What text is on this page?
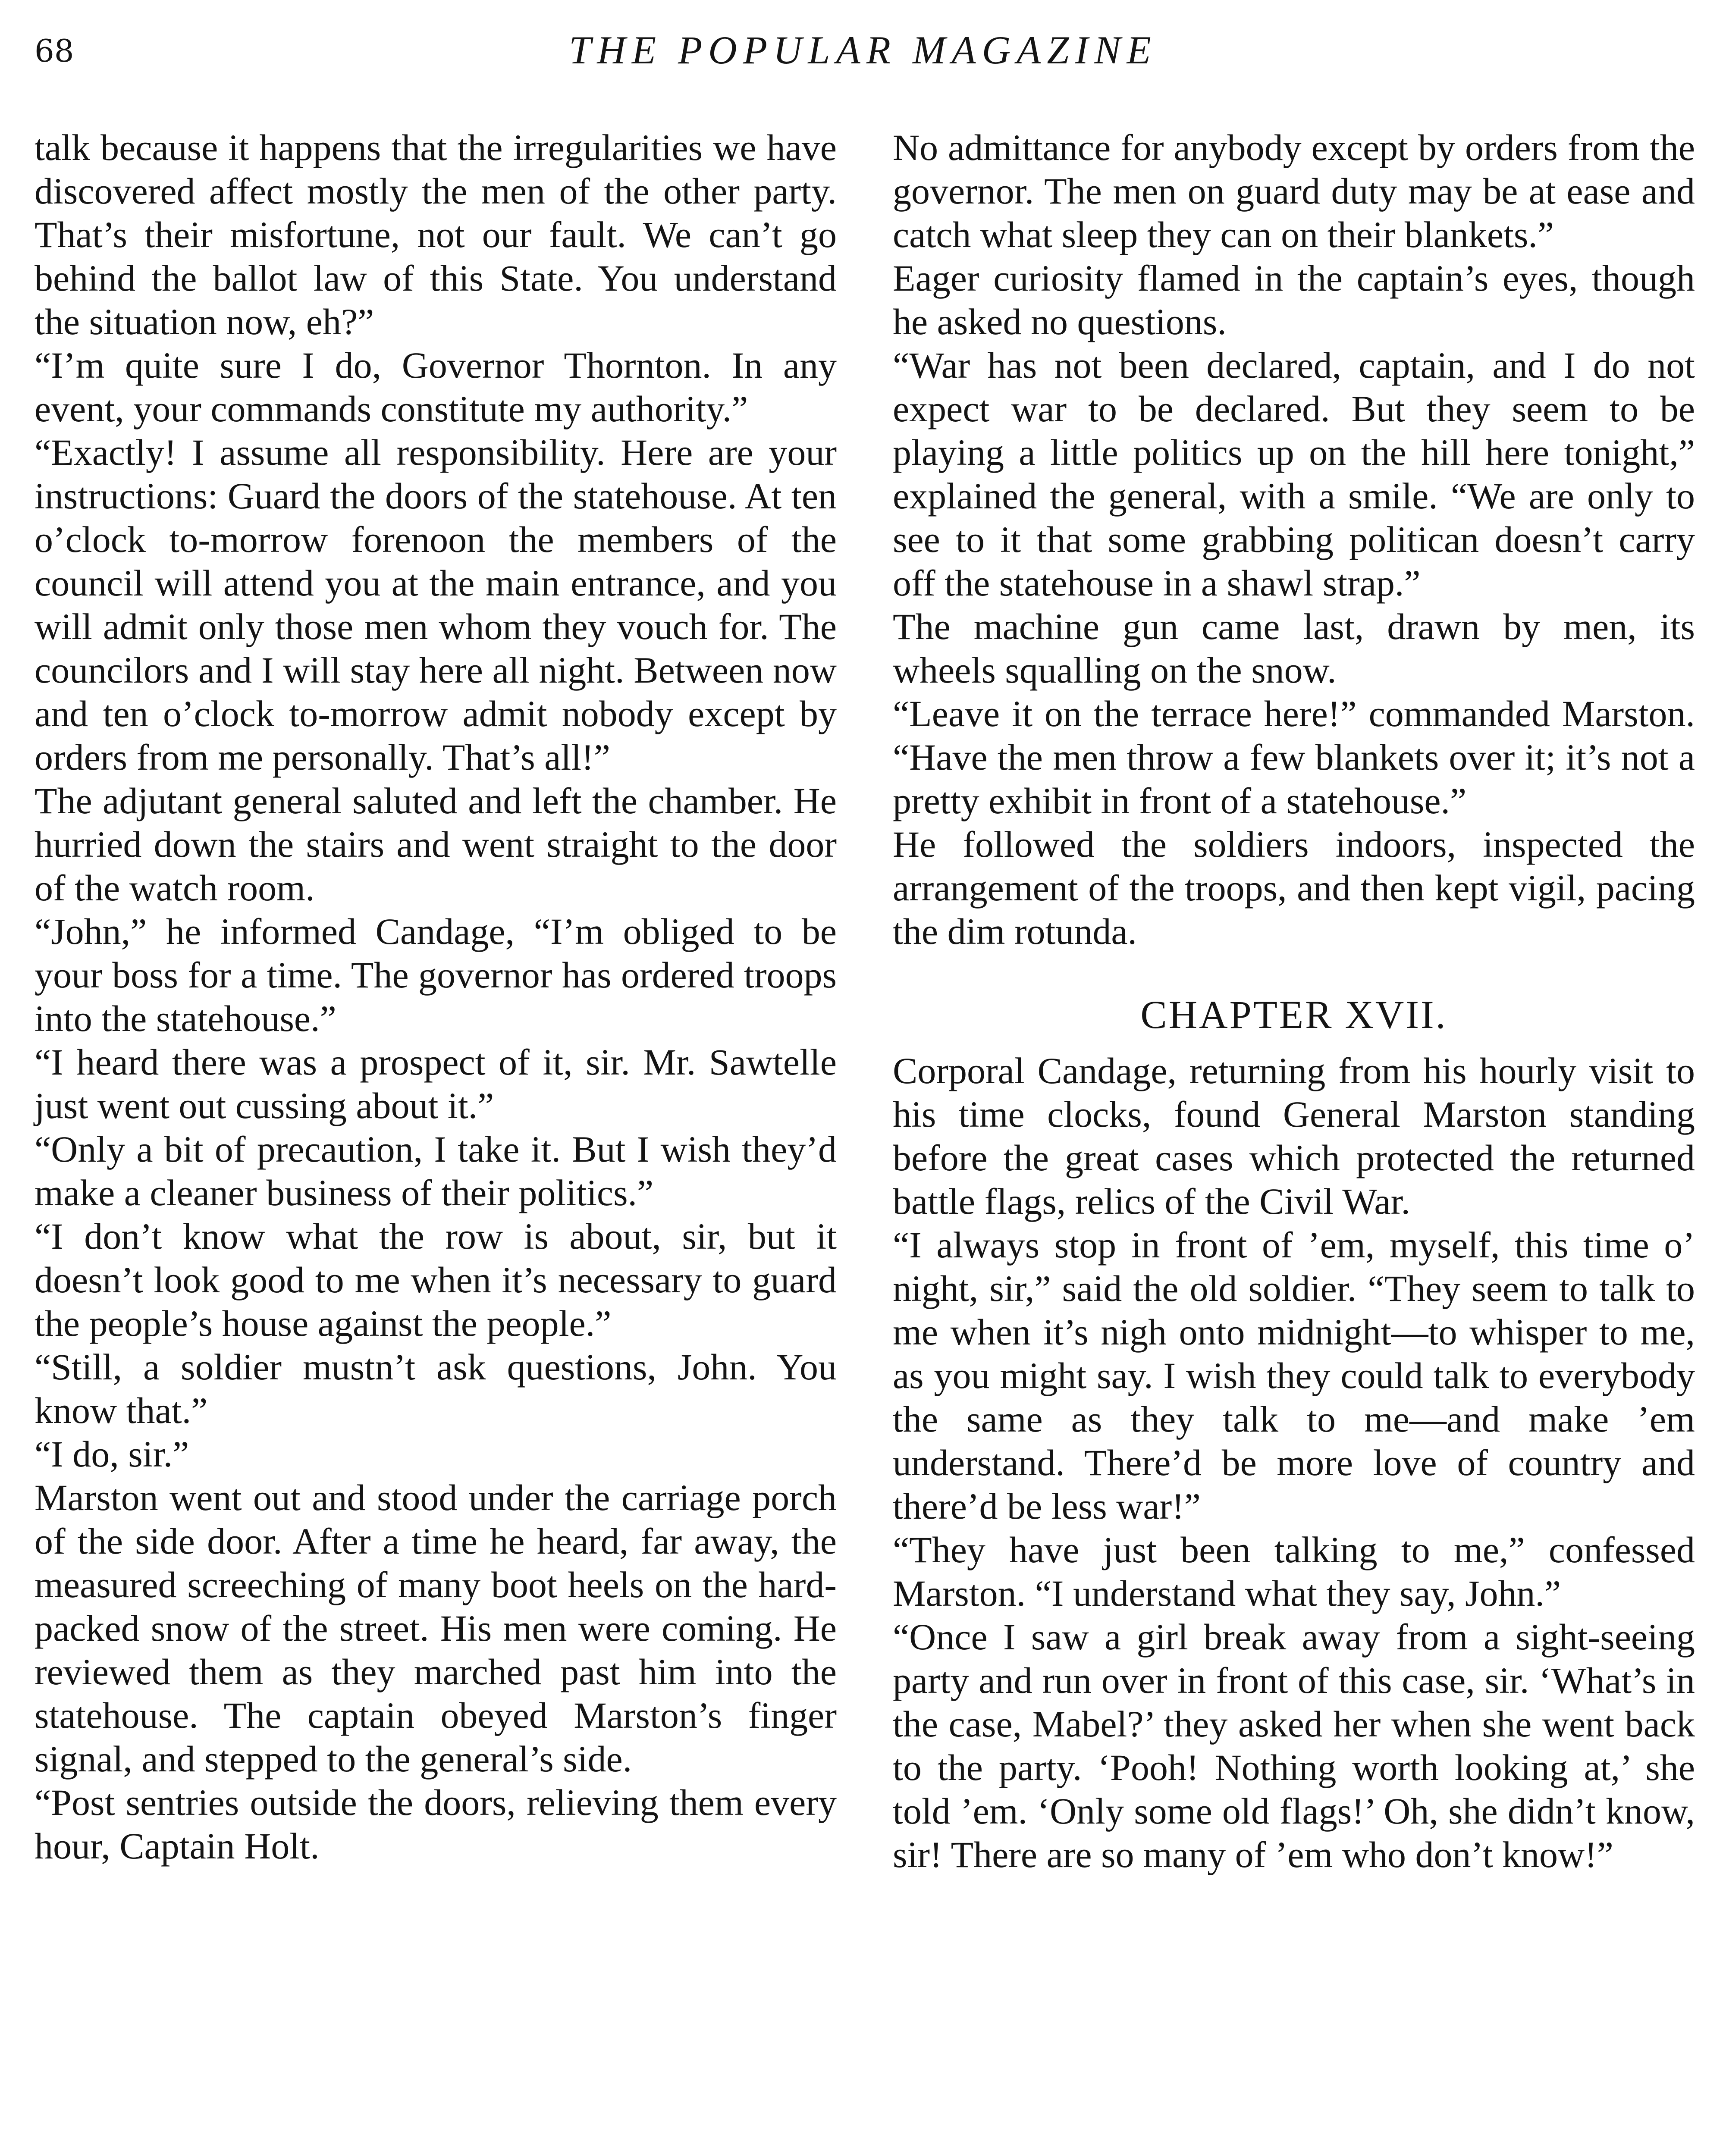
68	THE POPULAR MAGAZINE

talk because it happens that the irregularities we have discovered affect mostly the men of the other party. That’s their misfortune, not our fault. We can’t go behind the ballot law of this State. You understand the situation now, eh?”

“I’m quite sure I do, Governor Thornton. In any event, your commands constitute my authority.”

“Exactly! I assume all responsibility. Here are your instructions: Guard the doors of the statehouse. At ten o’clock to-morrow forenoon the members of the council will attend you at the main entrance, and you will admit only those men whom they vouch for. The councilors and I will stay here all night. Between now and ten o’clock to-morrow admit nobody except by orders from me personally. That’s all!”

The adjutant general saluted and left the chamber. He hurried down the stairs and went straight to the door of the watch room.

“John,” he informed Candage, “I’m obliged to be your boss for a time. The governor has ordered troops into the statehouse.”

“I heard there was a prospect of it, sir. Mr. Sawtelle just went out cussing about it.”

“Only a bit of precaution, I take it. But I wish they’d make a cleaner business of their politics.”

“I don’t know what the row is about, sir, but it doesn’t look good to me when it’s necessary to guard the people’s house against the people.”

“Still, a soldier mustn’t ask questions, John. You know that.”

“I do, sir.”

Marston went out and stood under the carriage porch of the side door. After a time he heard, far away, the measured screeching of many boot heels on the hard-packed snow of the street. His men were coming. He reviewed them as they marched past him into the statehouse. The captain obeyed Marston’s finger signal, and stepped to the general’s side.

“Post sentries outside the doors, relieving them every hour, Captain Holt.

No admittance for anybody except by orders from the governor. The men on guard duty may be at ease and catch what sleep they can on their blankets.”

Eager curiosity flamed in the captain’s eyes, though he asked no questions.

“War has not been declared, captain, and I do not expect war to be declared. But they seem to be playing a little politics up on the hill here tonight,” explained the general, with a smile. “We are only to see to it that some grabbing politican doesn’t carry off the statehouse in a shawl strap.”

The machine gun came last, drawn by men, its wheels squalling on the snow.

“Leave it on the terrace here!” commanded Marston. “Have the men throw a few blankets over it; it’s not a pretty exhibit in front of a statehouse.”

He followed the soldiers indoors, inspected the arrangement of the troops, and then kept vigil, pacing the dim rotunda.

CHAPTER XVII.

Corporal Candage, returning from his hourly visit to his time clocks, found General Marston standing before the great cases which protected the returned battle flags, relics of the Civil War.

“I always stop in front of ’em, myself, this time o’ night, sir,” said the old soldier. “They seem to talk to me when it’s nigh onto midnight—to whisper to me, as you might say. I wish they could talk to everybody the same as they talk to me—and make ’em understand. There’d be more love of country and there’d be less war!”

“They have just been talking to me,” confessed Marston. “I understand what they say, John.”

“Once I saw a girl break away from a sight-seeing party and run over in front of this case, sir. ‘What’s in the case, Mabel?’ they asked her when she went back to the party. ‘Pooh! Nothing worth looking at,’ she told ’em. ‘Only some old flags!’ Oh, she didn’t know, sir! There are so many of ’em who don’t know!”
